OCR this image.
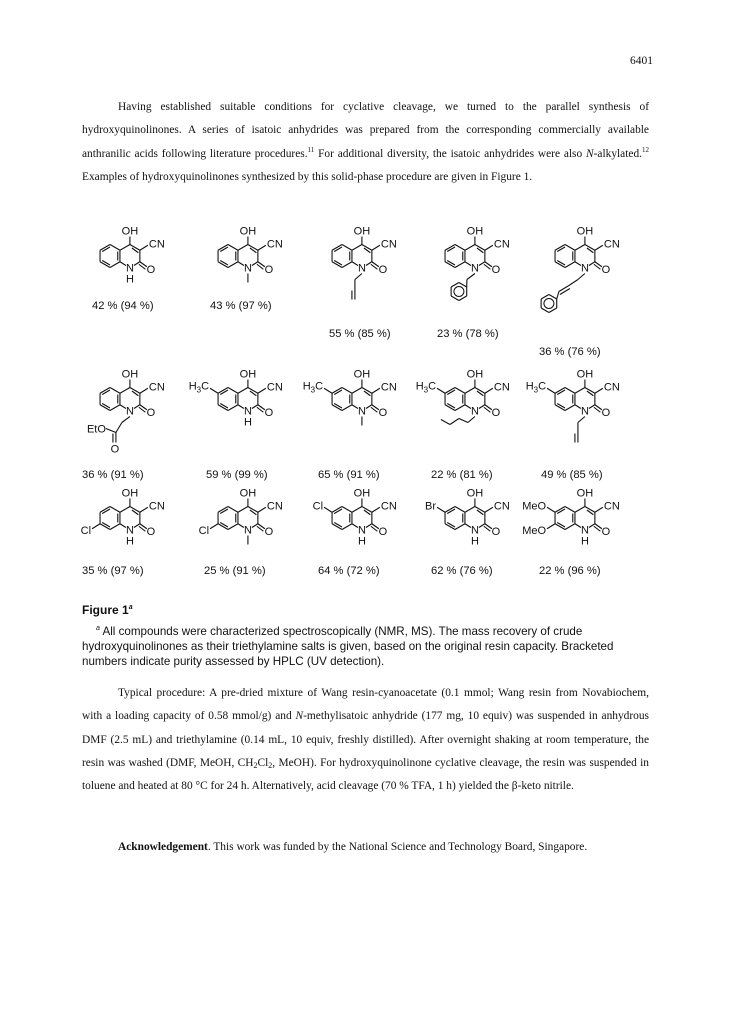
6401

Having established suitable conditions for cyclative cleavage, we turned to the parallel synthesis of hydroxyquinolinones. A series of isatoic anhydrides was prepared from the corresponding commercially available anthranilic acids following literature procedures.$^{11}$ For additional diversity, the isatoic anhydrides were also N-alkylated.$^{12}$ Examples of hydroxyquinolinones synthesized by this solid-phase procedure are given in Figure 1.

OH
CN
O
N
H
42 % (94 %)
OH
CN
O
N
43 % (97 %)
OH
CN
O
N
55 % (85 %)
OH
CN
O
N
23 % (78 %)
OH
CN
O
N
36 % (76 %)
OH
CN
O
N
EtO
O
36 % (91 %)
OH
CN
O
N
H
$H_3C$
59 % (99 %)
OH
CN
O
N
$H_3C$
65 % (91 %)
OH
CN
O
N
$H_3C$
22 % (81 %)
OH
CN
O
N
$H_3C$
49 % (85 %)
OH
CN
O
N
H
Cl
35 % (97 %)
OH
CN
O
N
Cl
25 % (91 %)
OH
CN
O
N
H
Cl
64 % (72 %)
OH
CN
O
N
H
Br
62 % (76 %)
OH
CN
O
N
H
MeO
MeO
22 % (96 %)
Figure 1$^a$
$^a$ All compounds were characterized spectroscopically (NMR, MS). The mass recovery of crude hydroxyquinolinones as their triethylamine salts is given, based on the original resin capacity. Bracketed numbers indicate purity assessed by HPLC (UV detection).

Typical procedure: A pre-dried mixture of Wang resin-cyanoacetate (0.1 mmol; Wang resin from Novabiochem, with a loading capacity of 0.58 mmol/g) and N-methylisatoic anhydride (177 mg, 10 equiv) was suspended in anhydrous DMF (2.5 mL) and triethylamine (0.14 mL, 10 equiv, freshly distilled). After overnight shaking at room temperature, the resin was washed (DMF, MeOH, $CH_2Cl_2$, MeOH). For hydroxyquinolinone cyclative cleavage, the resin was suspended in toluene and heated at 80 °C for 24 h. Alternatively, acid cleavage (70 % TFA, 1 h) yielded the β-keto nitrile.

Acknowledgement. This work was funded by the National Science and Technology Board, Singapore.
